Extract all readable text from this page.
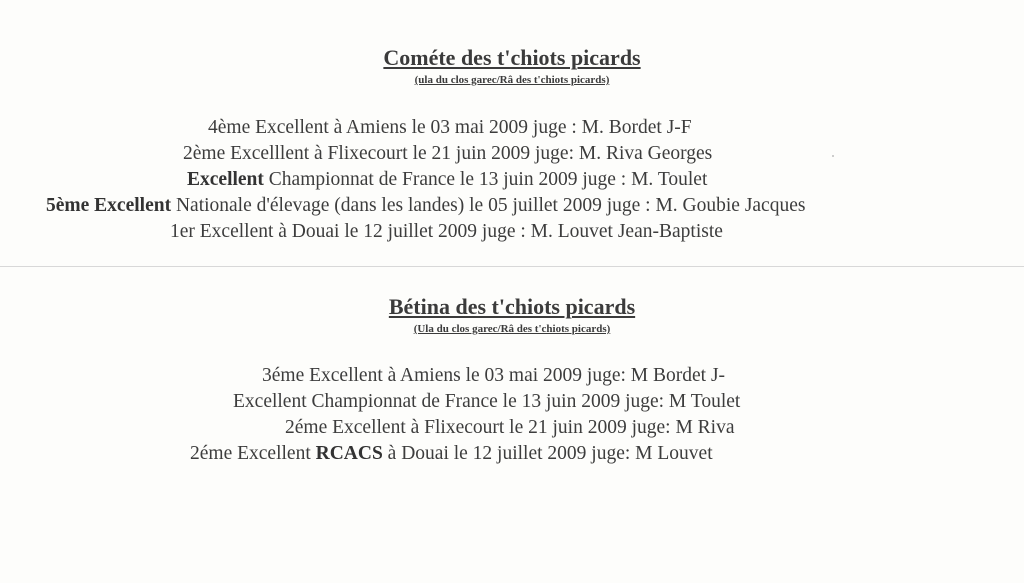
Cométe des t'chiots picards
(ula du clos garec/Râ des t'chiots picards)
4ème Excellent à Amiens le 03 mai 2009 juge : M. Bordet J-F
2ème Excelllent à Flixecourt le 21 juin 2009 juge: M. Riva Georges
Excellent Championnat de France le 13 juin 2009 juge : M. Toulet
5ème Excellent Nationale d'élevage (dans les landes) le 05 juillet 2009 juge : M. Goubie Jacques
1er Excellent à Douai le 12 juillet 2009 juge : M. Louvet Jean-Baptiste
Bétina des t'chiots picards
(Ula du clos garec/Râ des t'chiots picards)
3éme Excellent à Amiens le 03 mai 2009 juge: M Bordet J-
Excellent Championnat de France le 13 juin 2009 juge: M Toulet
2éme Excellent à Flixecourt le 21 juin 2009 juge: M Riva
2éme Excellent RCACS à Douai le 12 juillet 2009 juge: M Louvet
